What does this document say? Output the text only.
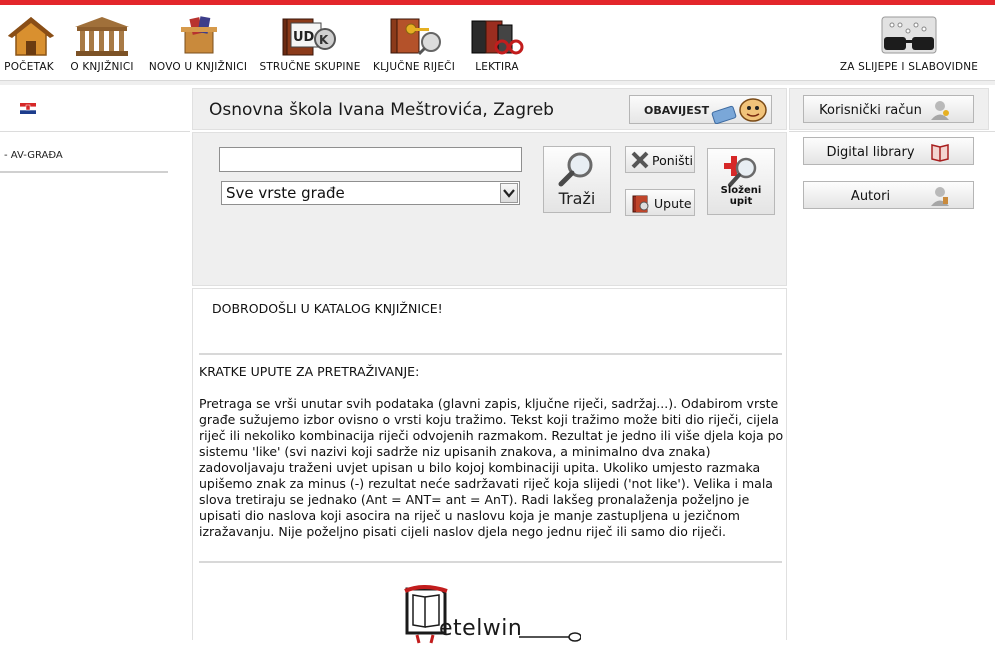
POČETAK	O KNJIŽNICI	NOVO U KNJIŽNICI
UD K
STRUČNE SKUPINE	KLJUČNE RIJEČI	LEKTIRA	ZA SLIJEPE I SLABOVIDNE
- AV-GRAĐA
Osnovna škola Ivana Meštrovića, Zagreb	OBAVIJEST
Sve vrste građe	Traži
Poništi
Upute
Složeni upit
DOBRODOŠLI U KATALOG KNJIŽNICE!
KRATKE UPUTE ZA PRETRAŽIVANJE:
Pretraga se vrši unutar svih podataka (glavni zapis, ključne riječi, sadržaj...). Odabirom vrste građe sužujemo izbor ovisno o vrsti koju tražimo. Tekst koji tražimo može biti dio riječi, cijela riječ ili nekoliko kombinacija riječi odvojenih razmakom. Rezultat je jedno ili više djela koja po sistemu 'like' (svi nazivi koji sadrže niz upisanih znakova, a minimalno dva znaka) zadovoljavaju traženi uvjet upisan u bilo kojoj kombinaciji upita. Ukoliko umjesto razmaka upišemo znak za minus (-) rezultat neće sadržavati riječ koja slijedi ('not like'). Velika i mala slova tretiraju se jednako (Ant = ANT= ant = AnT). Radi lakšeg pronalaženja poželjno je upisati dio naslova koji asocira na riječ u naslovu koja je manje zastupljena u jezičnom izražavanju. Nije poželjno pisati cijeli naslov djela nego jednu riječ ili samo dio riječi.
etelwin
Korisnički račun
Digital library
Autori
